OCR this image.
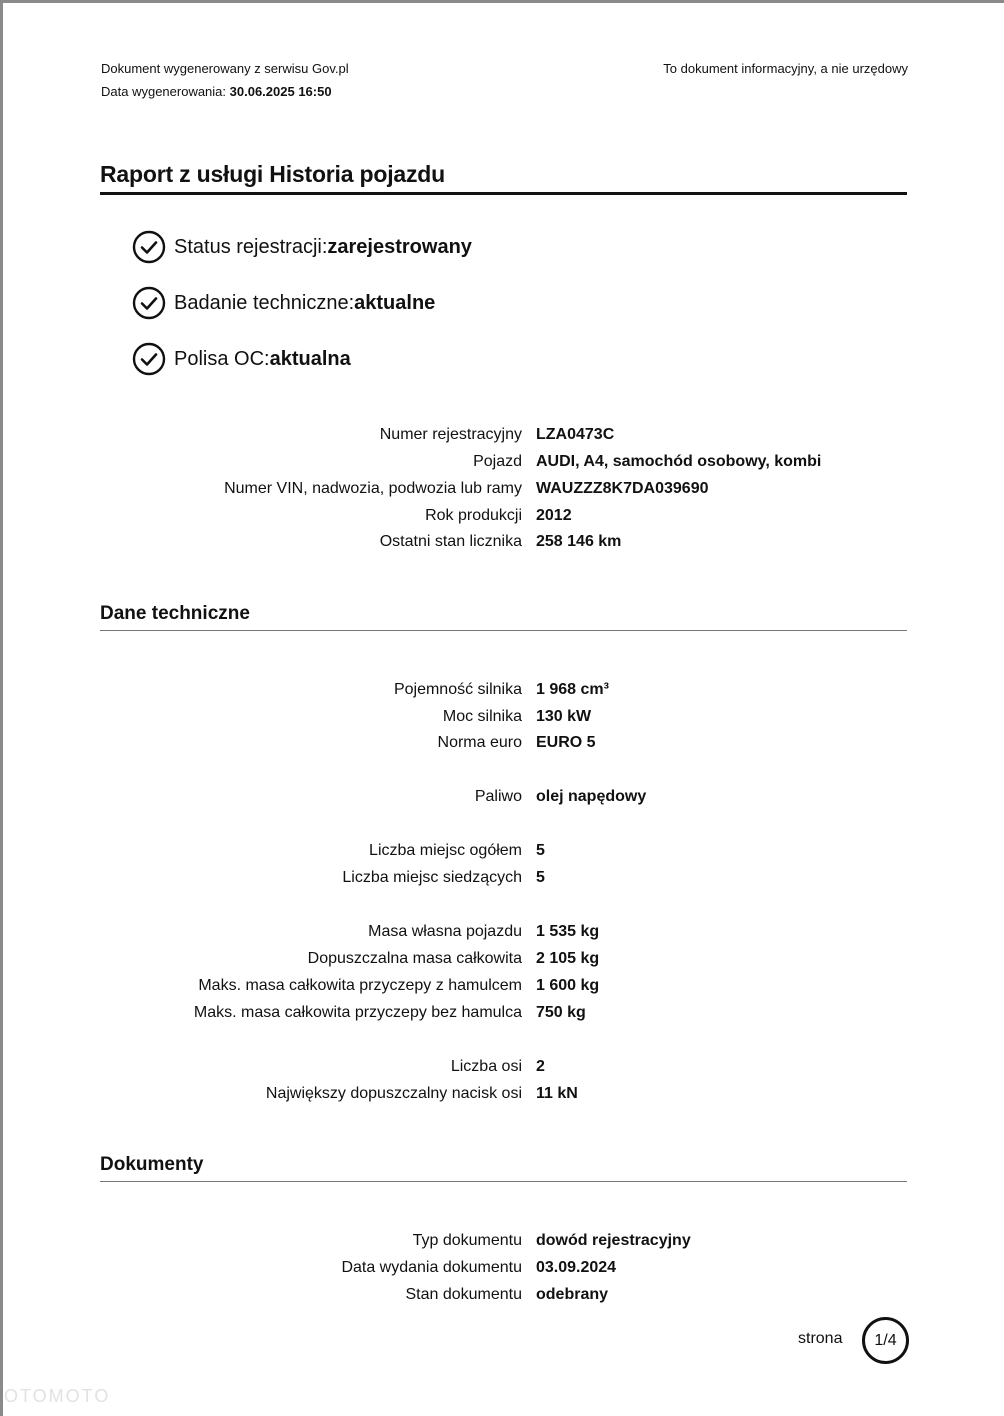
Dokument wygenerowany z serwisu Gov.pl
Data wygenerowania: 30.06.2025 16:50
To dokument informacyjny, a nie urzędowy
Raport z usługi Historia pojazdu
Status rejestracji: zarejestrowany
Badanie techniczne: aktualne
Polisa OC: aktualna
Numer rejestracyjny LZA0473C
Pojazd AUDI, A4, samochód osobowy, kombi
Numer VIN, nadwozia, podwozia lub ramy WAUZZZ8K7DA039690
Rok produkcji 2012
Ostatni stan licznika 258 146 km
Dane techniczne
Pojemność silnika 1 968 cm³
Moc silnika 130 kW
Norma euro EURO 5
Paliwo olej napędowy
Liczba miejsc ogółem 5
Liczba miejsc siedzących 5
Masa własna pojazdu 1 535 kg
Dopuszczalna masa całkowita 2 105 kg
Maks. masa całkowita przyczepy z hamulcem 1 600 kg
Maks. masa całkowita przyczepy bez hamulca 750 kg
Liczba osi 2
Największy dopuszczalny nacisk osi 11 kN
Dokumenty
Typ dokumentu dowód rejestracyjny
Data wydania dokumentu 03.09.2024
Stan dokumentu odebrany
strona	1/4
OTOMOTO
